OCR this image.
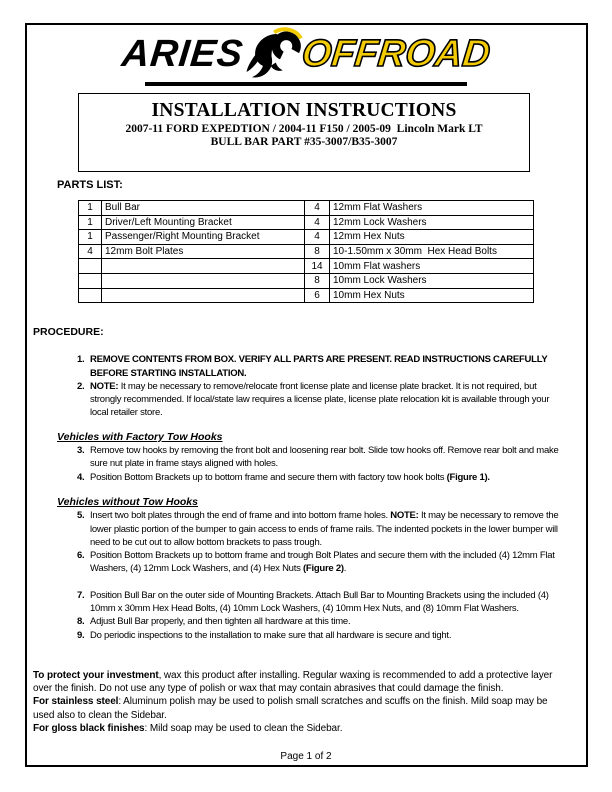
ARIES OFFROAD
INSTALLATION INSTRUCTIONS
2007-11 FORD EXPEDTION / 2004-11 F150 / 2005-09  Lincoln Mark LT
BULL BAR PART #35-3007/B35-3007
PARTS LIST:
1	Bull Bar	4	12mm Flat Washers
1	Driver/Left Mounting Bracket	4	12mm Lock Washers
1	Passenger/Right Mounting Bracket	4	12mm Hex Nuts
4	12mm Bolt Plates	8	10-1.50mm x 30mm  Hex Head Bolts
		14	10mm Flat washers
		8	10mm Lock Washers
		6	10mm Hex Nuts
PROCEDURE:
1. REMOVE CONTENTS FROM BOX. VERIFY ALL PARTS ARE PRESENT. READ INSTRUCTIONS CAREFULLY BEFORE STARTING INSTALLATION.
2. NOTE: It may be necessary to remove/relocate front license plate and license plate bracket. It is not required, but strongly recommended. If local/state law requires a license plate, license plate relocation kit is available through your local retailer store.
Vehicles with Factory Tow Hooks
3. Remove tow hooks by removing the front bolt and loosening rear bolt. Slide tow hooks off. Remove rear bolt and make sure nut plate in frame stays aligned with holes.
4. Position Bottom Brackets up to bottom frame and secure them with factory tow hook bolts (Figure 1).
Vehicles without Tow Hooks
5. Insert two bolt plates through the end of frame and into bottom frame holes. NOTE: It may be necessary to remove the lower plastic portion of the bumper to gain access to ends of frame rails. The indented pockets in the lower bumper will need to be cut out to allow bottom brackets to pass trough.
6. Position Bottom Brackets up to bottom frame and trough Bolt Plates and secure them with the included (4) 12mm Flat Washers, (4) 12mm Lock Washers, and (4) Hex Nuts (Figure 2).
7. Position Bull Bar on the outer side of Mounting Brackets. Attach Bull Bar to Mounting Brackets using the included (4) 10mm x 30mm Hex Head Bolts, (4) 10mm Lock Washers, (4) 10mm Hex Nuts, and (8) 10mm Flat Washers.
8. Adjust Bull Bar properly, and then tighten all hardware at this time.
9. Do periodic inspections to the installation to make sure that all hardware is secure and tight.

To protect your investment, wax this product after installing. Regular waxing is recommended to add a protective layer over the finish. Do not use any type of polish or wax that may contain abrasives that could damage the finish.

For stainless steel: Aluminum polish may be used to polish small scratches and scuffs on the finish. Mild soap may be used also to clean the Sidebar.

For gloss black finishes: Mild soap may be used to clean the Sidebar.

Page 1 of 2
